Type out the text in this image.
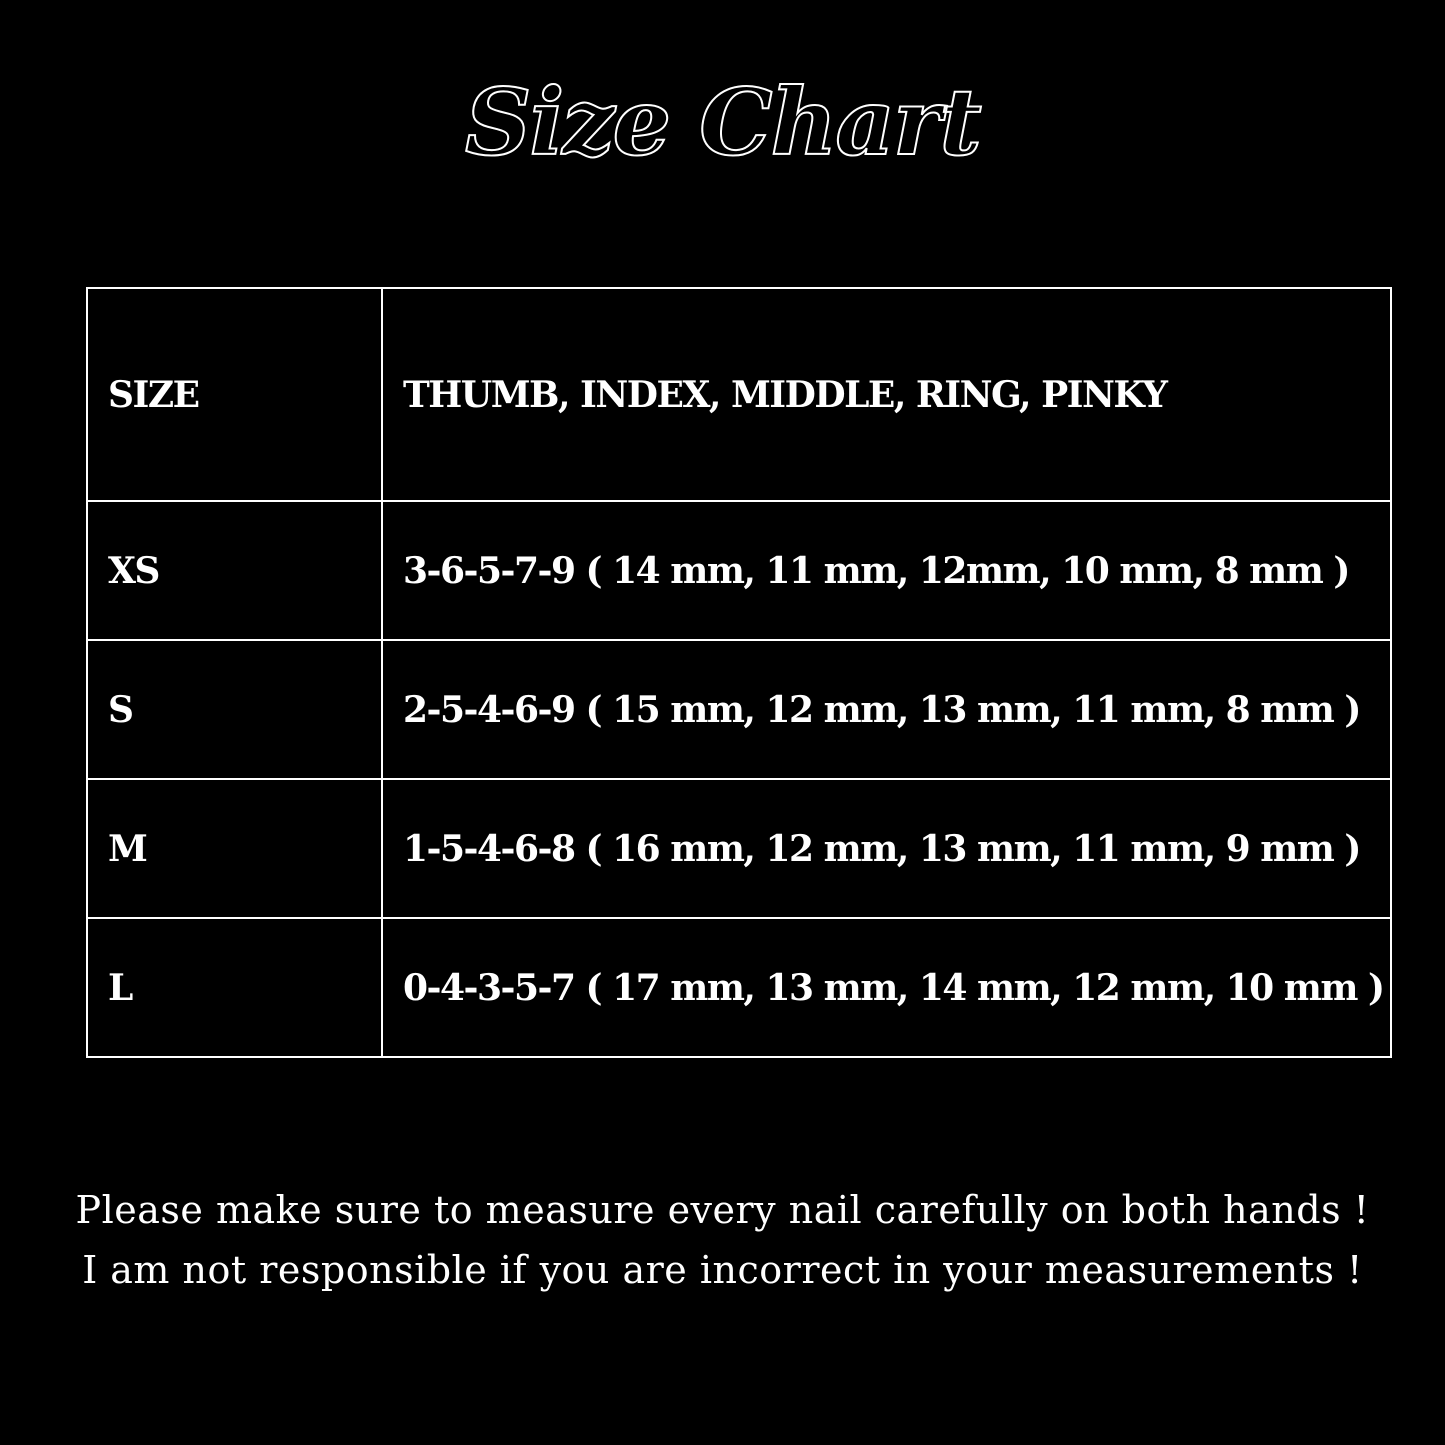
Size Chart
SIZE	THUMB, INDEX, MIDDLE, RING, PINKY
XS	3-6-5-7-9 ( 14 mm, 11 mm, 12mm, 10 mm, 8 mm )
S	2-5-4-6-9 ( 15 mm, 12 mm, 13 mm, 11 mm, 8 mm )
M	1-5-4-6-8 ( 16 mm, 12 mm, 13 mm, 11 mm, 9 mm )
L	0-4-3-5-7 ( 17 mm, 13 mm, 14 mm, 12 mm, 10 mm )
Please make sure to measure every nail carefully on both hands !
I am not responsible if you are incorrect in your measurements !
